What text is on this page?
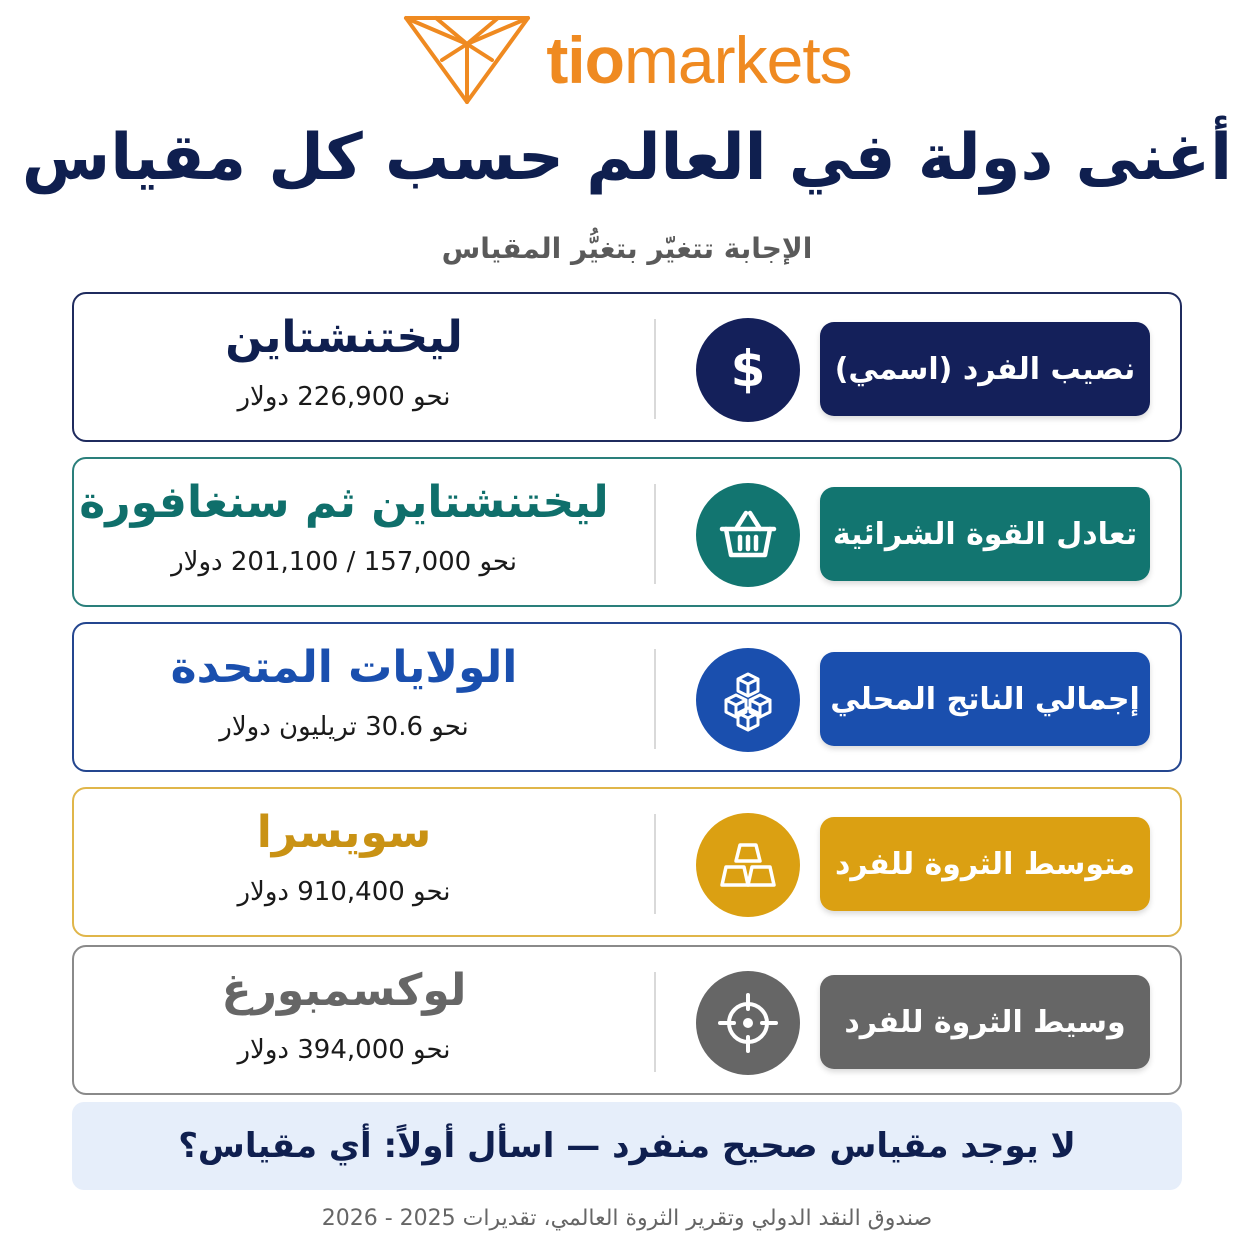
tiomarkets
أغنى دولة في العالم حسب كل مقياس
الإجابة تتغيّر بتغيُّر المقياس
ليختنشتاين
نحو 226,900 دولار	$	نصيب الفرد (اسمي)
ليختنشتاين ثم سنغافورة
نحو 157,000 / 201,100 دولار
تعادل القوة الشرائية
الولايات المتحدة
نحو 30.6 تريليون دولار
إجمالي الناتج المحلي
سويسرا
نحو 910,400 دولار
متوسط الثروة للفرد
لوكسمبورغ
نحو 394,000 دولار
وسيط الثروة للفرد
لا يوجد مقياس صحيح منفرد — اسأل أولاً: أي مقياس؟
صندوق النقد الدولي وتقرير الثروة العالمي، تقديرات 2025 - 2026
